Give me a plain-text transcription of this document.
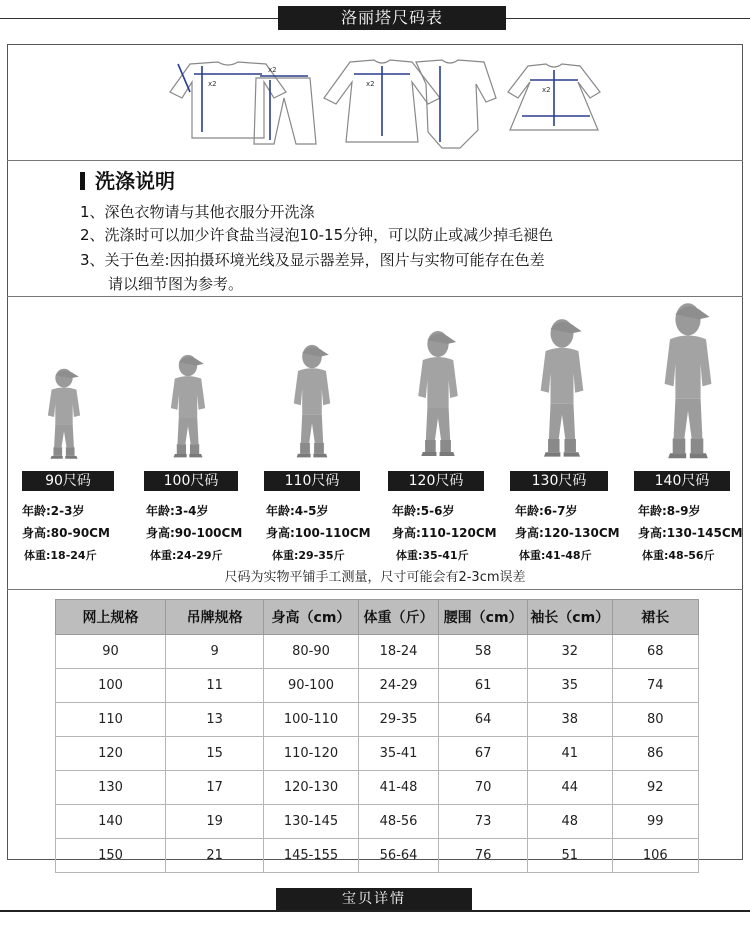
洛丽塔尺码表
x2
x2
x2
x2
洗涤说明
1、深色衣物请与其他衣服分开洗涤
2、洗涤时可以加少许食盐当浸泡10-15分钟，可以防止或减少掉毛褪色
3、关于色差:因拍摄环境光线及显示器差异，图片与实物可能存在色差
请以细节图为参考。
90尺码	100尺码	110尺码	120尺码	130尺码	140尺码
年龄:2-3岁
身高:80-90CM
体重:18-24斤
年龄:3-4岁
身高:90-100CM
体重:24-29斤
年龄:4-5岁
身高:100-110CM
体重:29-35斤
年龄:5-6岁
身高:110-120CM
体重:35-41斤
年龄:6-7岁
身高:120-130CM
体重:41-48斤
年龄:8-9岁
身高:130-145CM
体重:48-56斤
尺码为实物平铺手工测量，尺寸可能会有2-3cm误差
网上规格	吊牌规格	身高（cm）	体重（斤）	腰围（cm）	袖长（cm）	裙长
90	9	80-90	18-24	58	32	68
100	11	90-100	24-29	61	35	74
110	13	100-110	29-35	64	38	80
120	15	110-120	35-41	67	41	86
130	17	120-130	41-48	70	44	92
140	19	130-145	48-56	73	48	99
150	21	145-155	56-64	76	51	106
宝贝详情
